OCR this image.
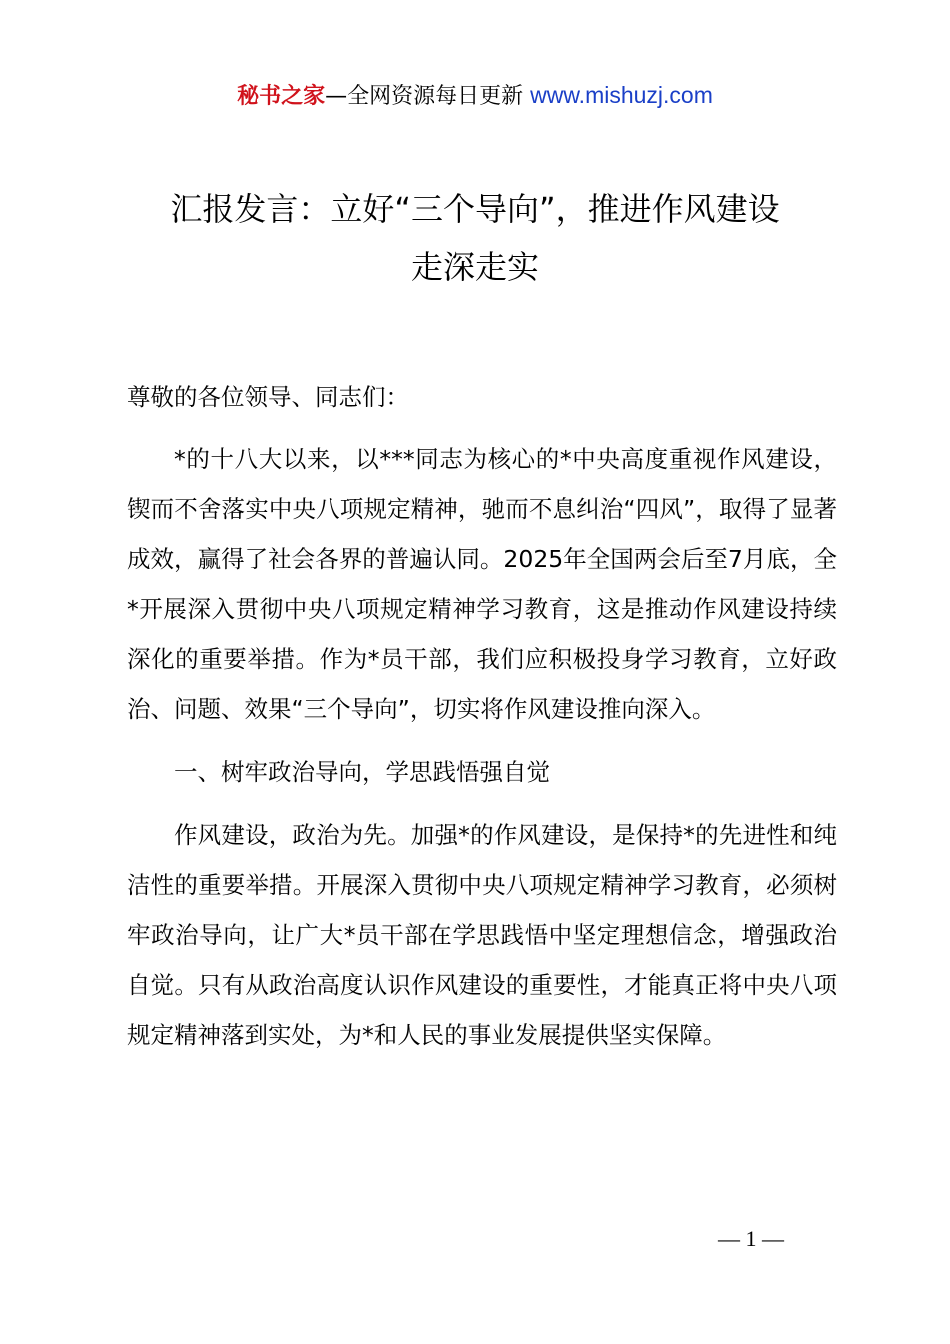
秘书之家—全网资源每日更新 www.mishuzj.com
汇报发言：立好“三个导向”，推进作风建设
走深走实

尊敬的各位领导、同志们：

*的十八大以来，以***同志为核心的*中央高度重视作风建设，锲而不舍落实中央八项规定精神，驰而不息纠治“四风”，取得了显著成效，赢得了社会各界的普遍认同。2025年全国两会后至7月底，全*开展深入贯彻中央八项规定精神学习教育，这是推动作风建设持续深化的重要举措。作为*员干部，我们应积极投身学习教育，立好政治、问题、效果“三个导向”，切实将作风建设推向深入。

一、树牢政治导向，学思践悟强自觉

作风建设，政治为先。加强*的作风建设，是保持*的先进性和纯洁性的重要举措。开展深入贯彻中央八项规定精神学习教育，必须树牢政治导向，让广大*员干部在学思践悟中坚定理想信念，增强政治自觉。只有从政治高度认识作风建设的重要性，才能真正将中央八项规定精神落到实处，为*和人民的事业发展提供坚实保障。

— 1 —
